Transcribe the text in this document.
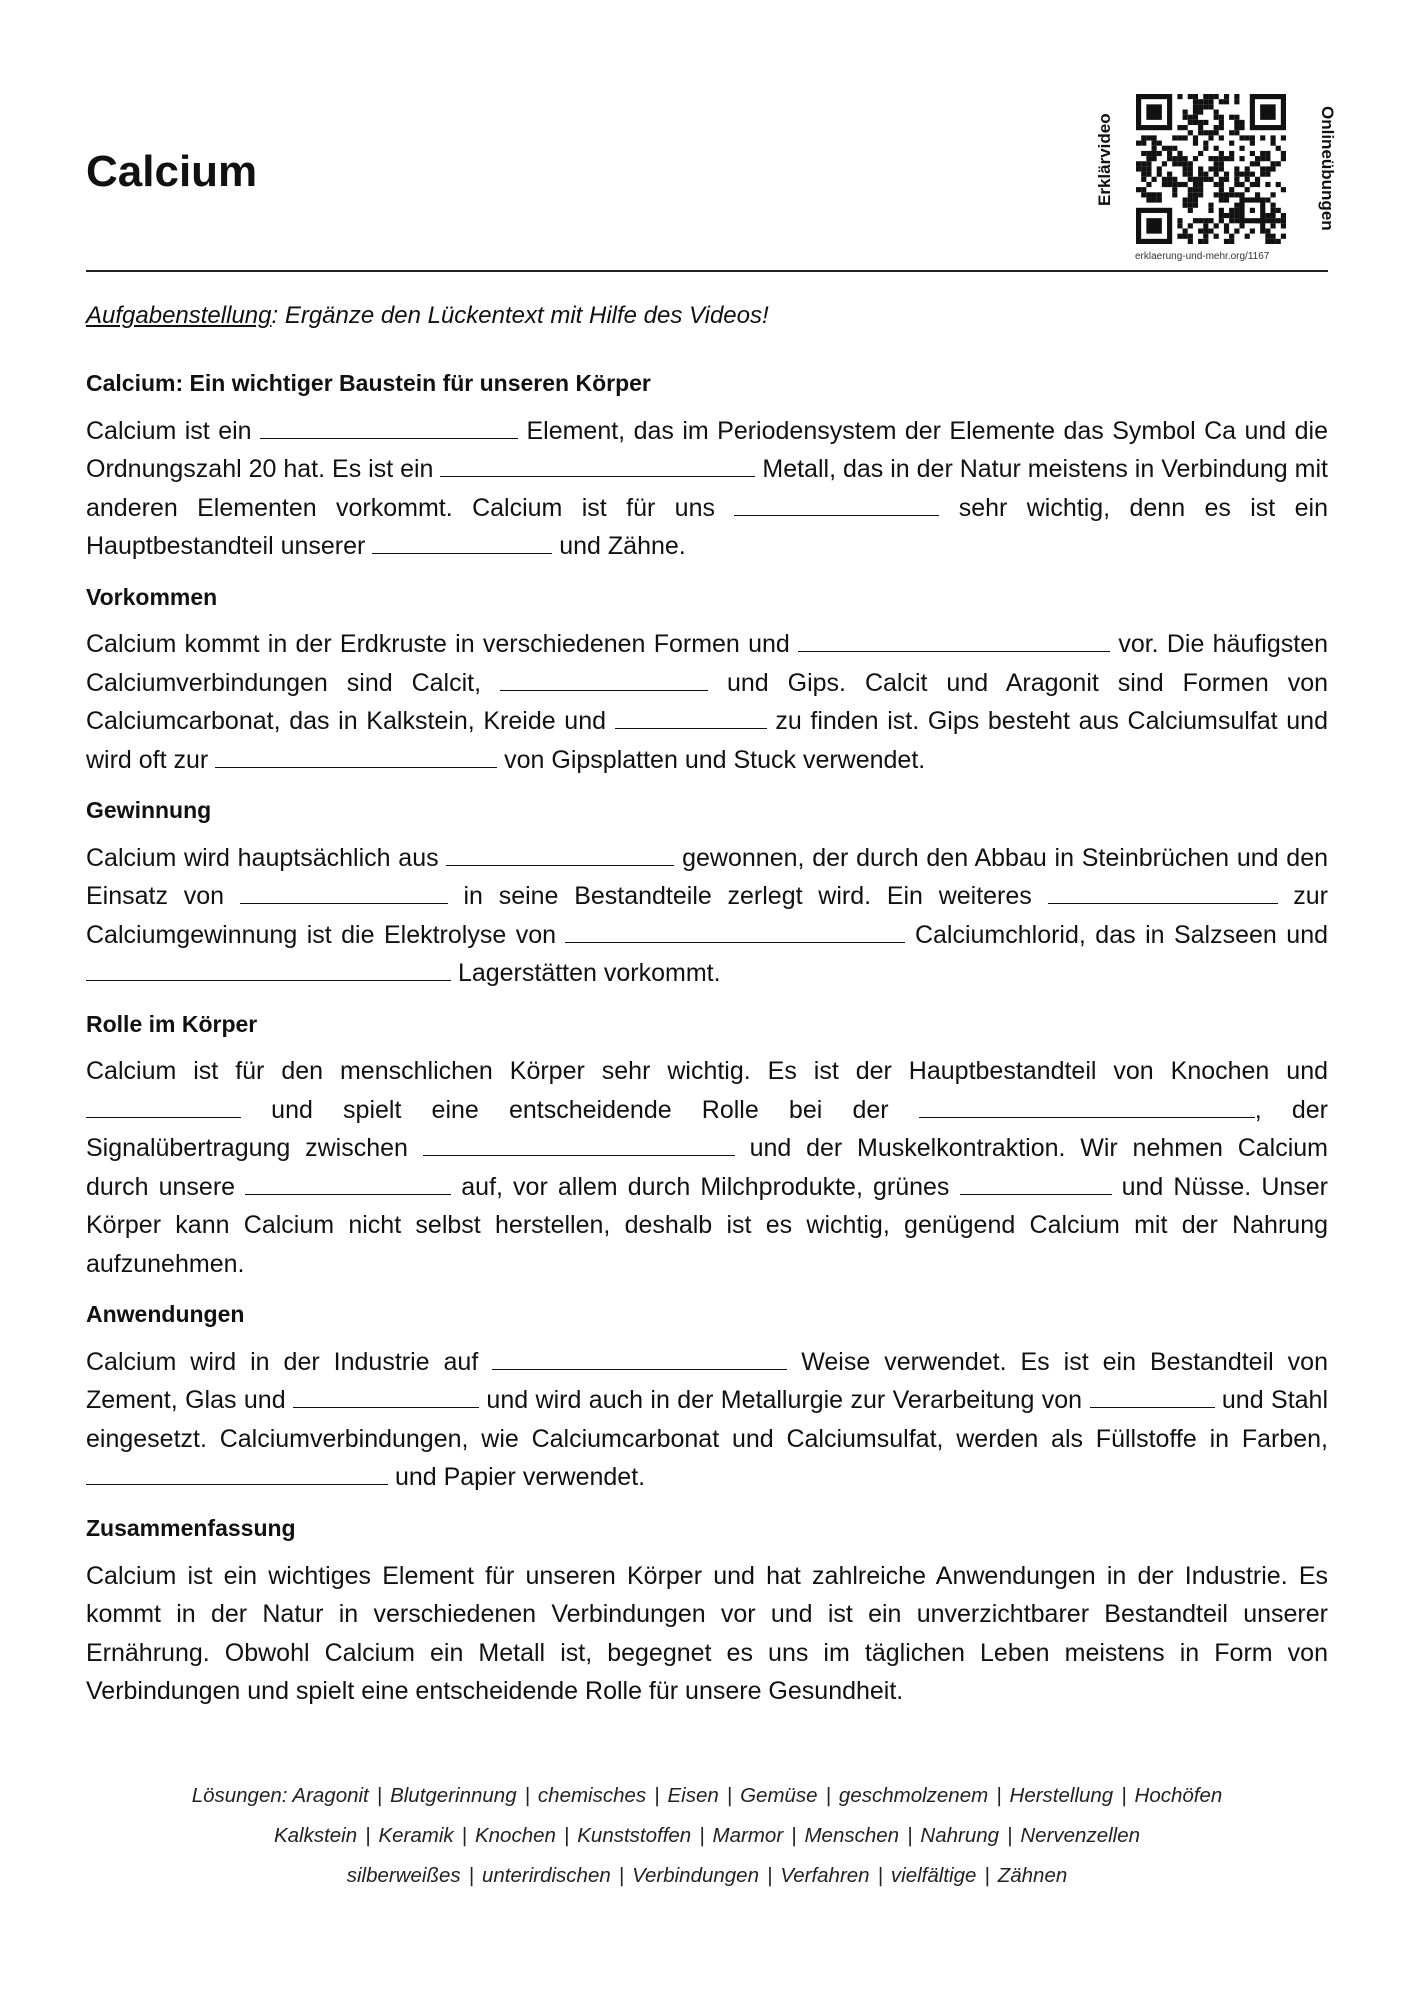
Calcium	Erklärvideo	Onlineübungen
erklaerung-und-mehr.org/1167
Aufgabenstellung: Ergänze den Lückentext mit Hilfe des Videos!
Calcium: Ein wichtiger Baustein für unseren Körper

Calcium ist ein	Element, das im Periodensystem der Elemente das Symbol Ca und die Ordnungszahl 20 hat. Es ist ein	Metall, das in der Natur meistens in Verbindung mit anderen Elementen vorkommt. Calcium ist für uns	sehr wichtig, denn es ist ein Hauptbestandteil unserer	und Zähne.

Vorkommen

Calcium kommt in der Erdkruste in verschiedenen Formen und	vor. Die häufigsten Calciumverbindungen sind Calcit,	und Gips. Calcit und Aragonit sind Formen von Calciumcarbonat, das in Kalkstein, Kreide und	zu finden ist. Gips besteht aus Calciumsulfat und wird oft zur	von Gipsplatten und Stuck verwendet.

Gewinnung

Calcium wird hauptsächlich aus	gewonnen, der durch den Abbau in Steinbrüchen und den Einsatz von	in seine Bestandteile zerlegt wird. Ein weiteres	zur Calciumgewinnung ist die Elektrolyse von	Calciumchlorid, das in Salzseen und  Lagerstätten vorkommt.

Rolle im Körper

Calcium ist für den menschlichen Körper sehr wichtig. Es ist der Hauptbestandteil von Knochen und  und spielt eine entscheidende Rolle bei der	, der Signalübertragung zwischen	und der Muskelkontraktion. Wir nehmen Calcium durch unsere	auf, vor allem durch Milchprodukte, grünes	und Nüsse. Unser Körper kann Calcium nicht selbst herstellen, deshalb ist es wichtig, genügend Calcium mit der Nahrung aufzunehmen.

Anwendungen

Calcium wird in der Industrie auf	Weise verwendet. Es ist ein Bestandteil von Zement, Glas und	und wird auch in der Metallurgie zur Verarbeitung von	und Stahl eingesetzt. Calciumverbindungen, wie Calciumcarbonat und Calciumsulfat, werden als Füllstoffe in Farben,  und Papier verwendet.

Zusammenfassung

Calcium ist ein wichtiges Element für unseren Körper und hat zahlreiche Anwendungen in der Industrie. Es kommt in der Natur in verschiedenen Verbindungen vor und ist ein unverzichtbarer Bestandteil unserer Ernährung. Obwohl Calcium ein Metall ist, begegnet es uns im täglichen Leben meistens in Form von Verbindungen und spielt eine entscheidende Rolle für unsere Gesundheit.

Lösungen: Aragonit | Blutgerinnung | chemisches | Eisen | Gemüse | geschmolzenem | Herstellung | Hochöfen
Kalkstein | Keramik | Knochen | Kunststoffen | Marmor | Menschen | Nahrung | Nervenzellen
silberweißes | unterirdischen | Verbindungen | Verfahren | vielfältige | Zähnen
